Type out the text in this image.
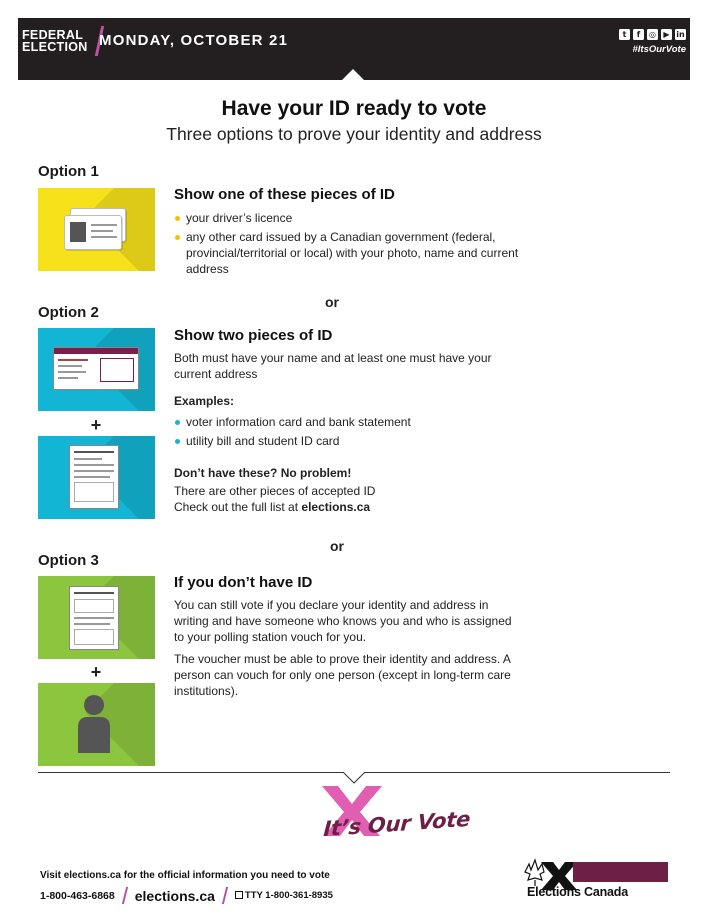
FEDERAL
ELECTION MONDAY, OCTOBER 21	t	f	◎ ▶ in
#ItsOurVote
Have your ID ready to vote
Three options to prove your identity and address
Option 1
Show one of these pieces of ID
your driver’s licence
any other card issued by a Canadian government (federal, provincial/territorial or local) with your photo, name and current address
or
Option 2
+
Show two pieces of ID
Both must have your name and at least one must have your current address
Examples:
voter information card and bank statement
utility bill and student ID card
Don’t have these? No problem!
There are other pieces of accepted ID
Check out the full list at elections.ca
or
Option 3
+
If you don’t have ID
You can still vote if you declare your identity and address in writing and have someone who knows you and who is assigned to your polling station vouch for you.
The voucher must be able to prove their identity and address. A person can vouch for only one person (except in long-term care institutions).
It’s Our Vote
Visit elections.ca for the official information you need to vote
1-800-463-6868 elections.ca	TTY 1-800-361-8935	Elections Canada
